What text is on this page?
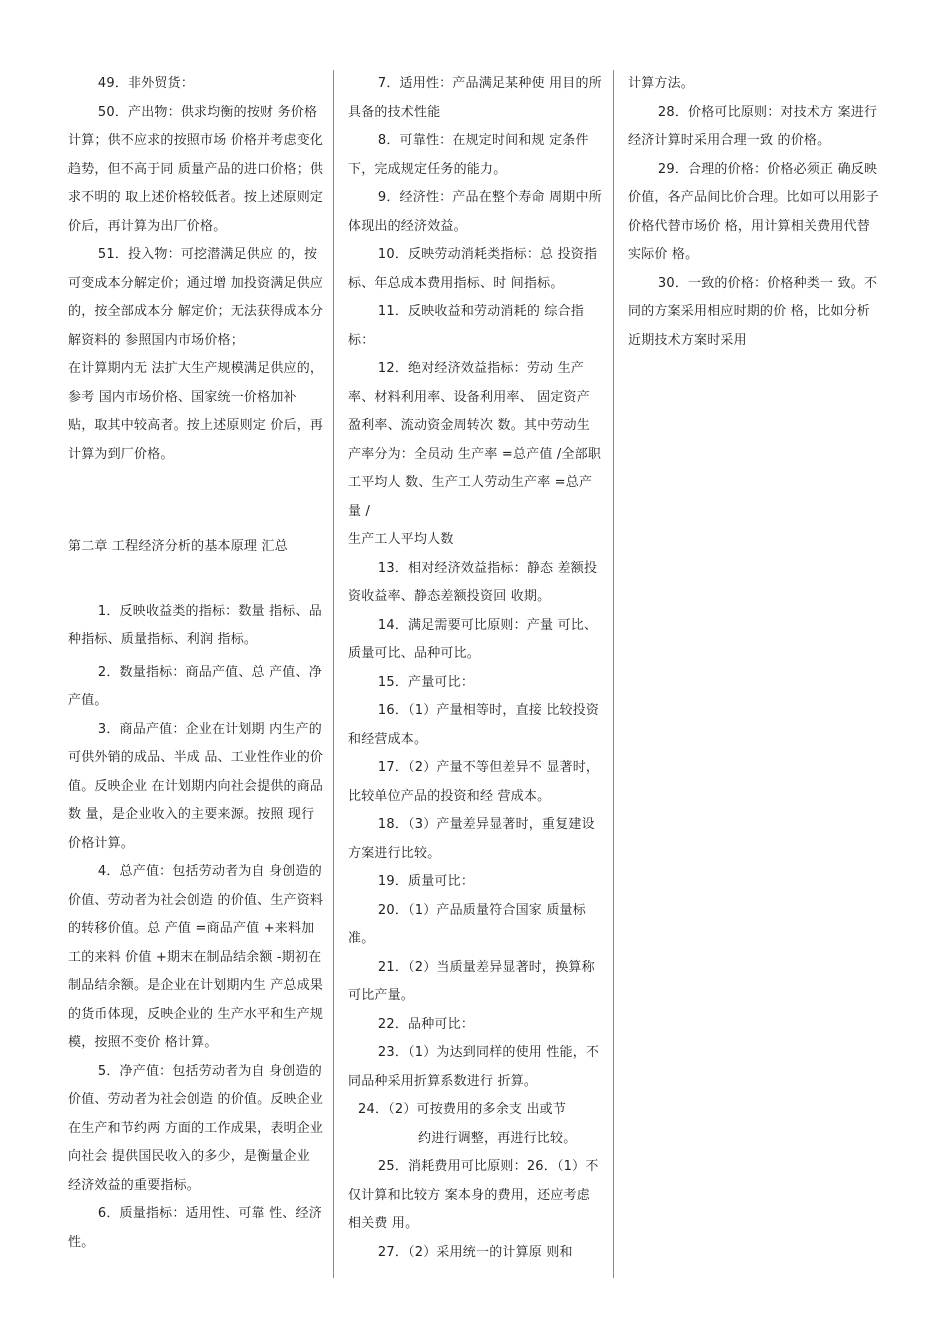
49．非外贸货：

50．产出物：供求均衡的按财 务价格计算；供不应求的按照市场 价格并考虑变化趋势，但不高于同 质量产品的进口价格；供求不明的 取上述价格较低者。按上述原则定 价后，再计算为出厂价格。

51．投入物：可挖潜满足供应 的，按可变成本分解定价；通过增 加投资满足供应的，按全部成本分 解定价；无法获得成本分解资料的 参照国内市场价格；

在计算期内无 法扩大生产规模满足供应的，参考 国内市场价格、国家统一价格加补 贴，取其中较高者。按上述原则定 价后，再计算为到厂价格。

第二章 工程经济分析的基本原理 汇总

1．反映收益类的指标：数量 指标、品种指标、质量指标、利润 指标。

2．数量指标：商品产值、总 产值、净产值。

3．商品产值：企业在计划期 内生产的可供外销的成品、半成 品、工业性作业的价值。反映企业 在计划期内向社会提供的商品数 量，是企业收入的主要来源。按照 现行价格计算。

4．总产值：包括劳动者为自 身创造的价值、劳动者为社会创造 的价值、生产资料的转移价值。总 产值 =商品产值 +来料加工的来料 价值 +期末在制品结余额 -期初在 制品结余额。是企业在计划期内生 产总成果的货币体现，反映企业的 生产水平和生产规模，按照不变价 格计算。

5．净产值：包括劳动者为自 身创造的价值、劳动者为社会创造 的价值。反映企业在生产和节约两 方面的工作成果，表明企业向社会 提供国民收入的多少，是衡量企业 经济效益的重要指标。

6．质量指标：适用性、可靠 性、经济性。

7．适用性：产品满足某种使 用目的所具备的技术性能

8．可靠性：在规定时间和规 定条件下，完成规定任务的能力。

9．经济性：产品在整个寿命 周期中所体现出的经济效益。

10．反映劳动消耗类指标：总 投资指标、年总成本费用指标、时 间指标。

11．反映收益和劳动消耗的 综合指标：

12．绝对经济效益指标：劳动 生产率、材料利用率、设备利用率、 固定资产盈利率、流动资金周转次 数。其中劳动生产率分为：全员动 生产率 =总产值 /全部职工平均人 数、生产工人劳动生产率 =总产量 /

生产工人平均人数

13．相对经济效益指标：静态 差额投资收益率、静态差额投资回 收期。

14．满足需要可比原则：产量 可比、质量可比、品种可比。

15．产量可比：

16．（1）产量相等时，直接 比较投资和经营成本。

17．（2）产量不等但差异不 显著时，比较单位产品的投资和经 营成本。

18．（3）产量差异显著时，重复建设方案进行比较。

19．质量可比：

20．（1）产品质量符合国家 质量标准。

21．（2）当质量差异显著时，换算称可比产量。

22．品种可比：

23．（1）为达到同样的使用 性能，不同品种采用折算系数进行 折算。

24．（2）可按费用的多余支 出或节

约进行调整，再进行比较。

25．消耗费用可比原则：26．（1）不仅计算和比较方 案本身的费用，还应考虑相关费 用。

27．（2）采用统一的计算原 则和

计算方法。

28．价格可比原则：对技术方 案进行经济计算时采用合理一致 的价格。

29．合理的价格：价格必须正 确反映价值，各产品间比价合理。比如可以用影子价格代替市场价 格，用计算相关费用代替实际价 格。

30．一致的价格：价格种类一 致。不同的方案采用相应时期的价 格，比如分析近期技术方案时采用
